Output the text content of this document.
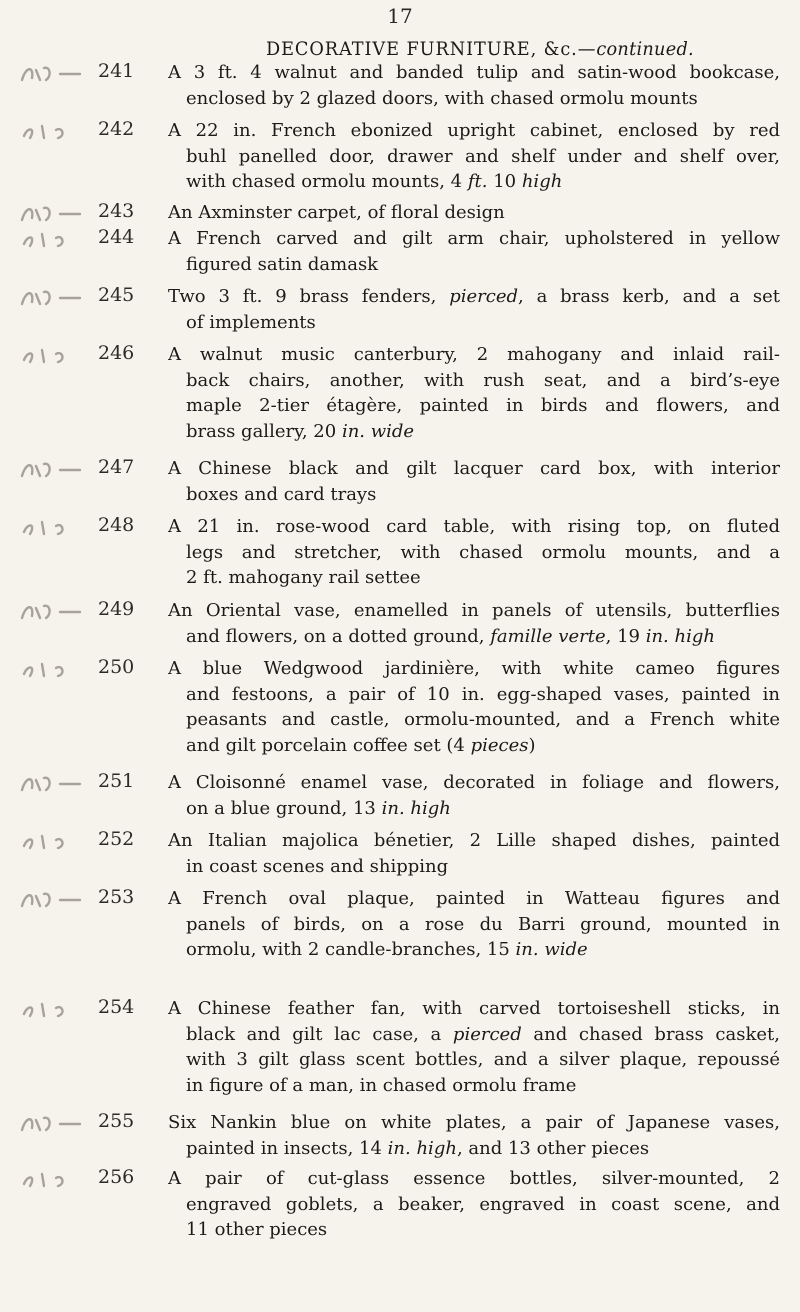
17
DECORATIVE FURNITURE, &c.—continued.
241	A 3 ft. 4 walnut and banded tulip and satin-wood bookcase,
enclosed by 2 glazed doors, with chased ormolu mounts
242	A 22 in. French ebonized upright cabinet, enclosed by red
buhl panelled door, drawer and shelf under and shelf over,
with chased ormolu mounts, 4 ft. 10 high
243	An Axminster carpet, of floral design
244	A French carved and gilt arm chair, upholstered in yellow
figured satin damask
245	Two 3 ft. 9 brass fenders, pierced, a brass kerb, and a set
of implements
246	A walnut music canterbury, 2 mahogany and inlaid rail-
back chairs, another, with rush seat, and a bird’s-eye
maple 2-tier étagère, painted in birds and flowers, and
brass gallery, 20 in. wide
247	A Chinese black and gilt lacquer card box, with interior
boxes and card trays
248	A 21 in. rose-wood card table, with rising top, on fluted
legs and stretcher, with chased ormolu mounts, and a
2 ft. mahogany rail settee
249	An Oriental vase, enamelled in panels of utensils, butterflies
and flowers, on a dotted ground, famille verte, 19 in. high
250	A blue Wedgwood jardinière, with white cameo figures
and festoons, a pair of 10 in. egg-shaped vases, painted in
peasants and castle, ormolu-mounted, and a French white
and gilt porcelain coffee set (4 pieces)
251	A Cloisonné enamel vase, decorated in foliage and flowers,
on a blue ground, 13 in. high
252	An Italian majolica bénetier, 2 Lille shaped dishes, painted
in coast scenes and shipping
253	A French oval plaque, painted in Watteau figures and
panels of birds, on a rose du Barri ground, mounted in
ormolu, with 2 candle-branches, 15 in. wide
254	A Chinese feather fan, with carved tortoiseshell sticks, in
black and gilt lac case, a pierced and chased brass casket,
with 3 gilt glass scent bottles, and a silver plaque, repoussé
in figure of a man, in chased ormolu frame
255	Six Nankin blue on white plates, a pair of Japanese vases,
painted in insects, 14 in. high, and 13 other pieces
256	A pair of cut-glass essence bottles, silver-mounted, 2
engraved goblets, a beaker, engraved in coast scene, and
11 other pieces
